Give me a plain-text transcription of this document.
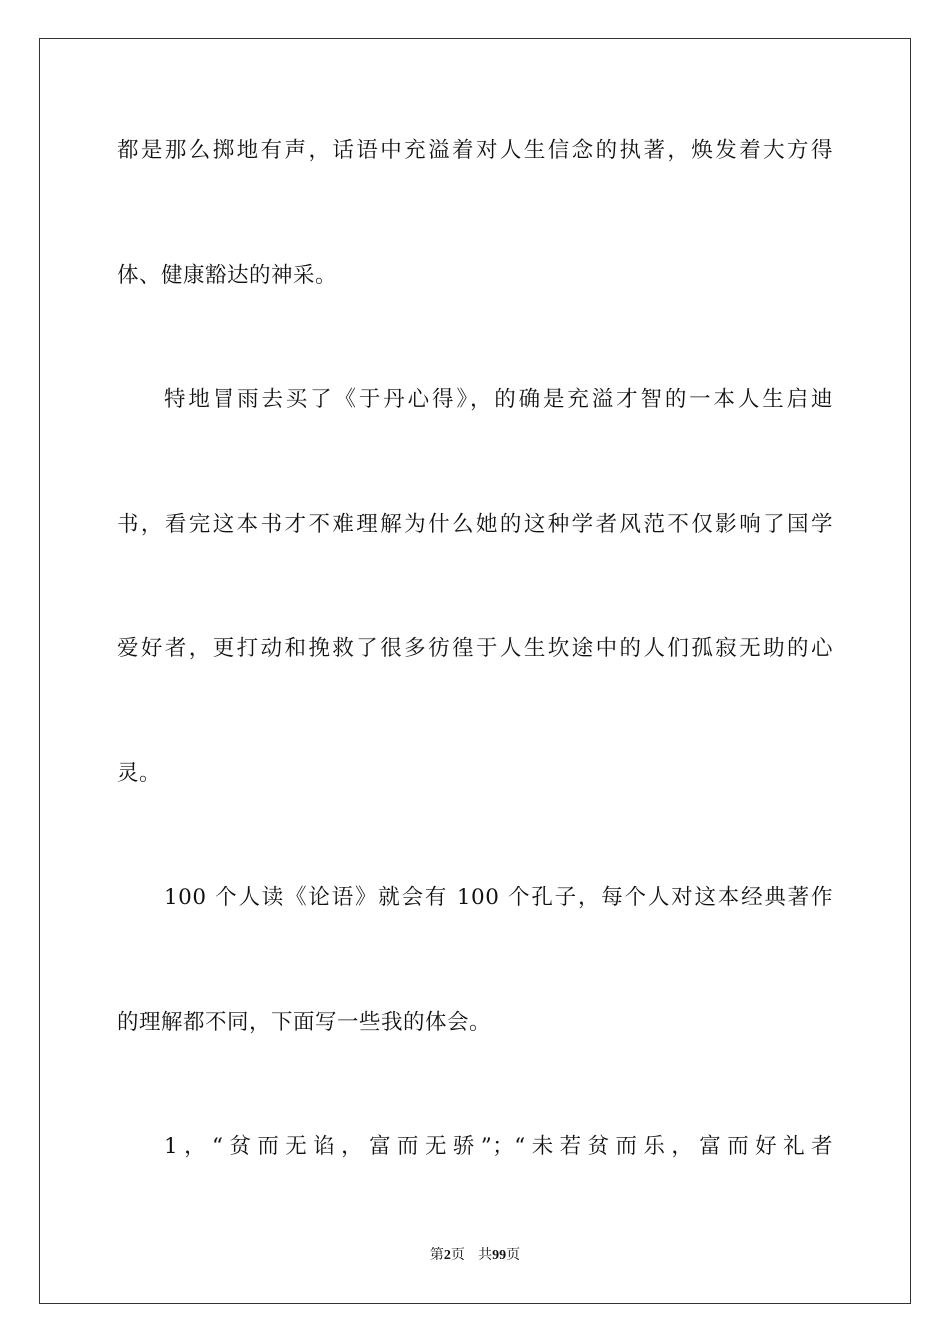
都是那么掷地有声，话语中充溢着对人生信念的执著，焕发着大方得
体、健康豁达的神采。
特地冒雨去买了《于丹心得》，的确是充溢才智的一本人生启迪
书，看完这本书才不难理解为什么她的这种学者风范不仅影响了国学
爱好者，更打动和挽救了很多彷徨于人生坎途中的人们孤寂无助的心
灵。
100 个人读《论语》就会有 100 个孔子，每个人对这本经典著作
的理解都不同，下面写一些我的体会。
1，“贫而无谄，富而无骄”；“未若贫而乐，富而好礼者
第2页 共99页
